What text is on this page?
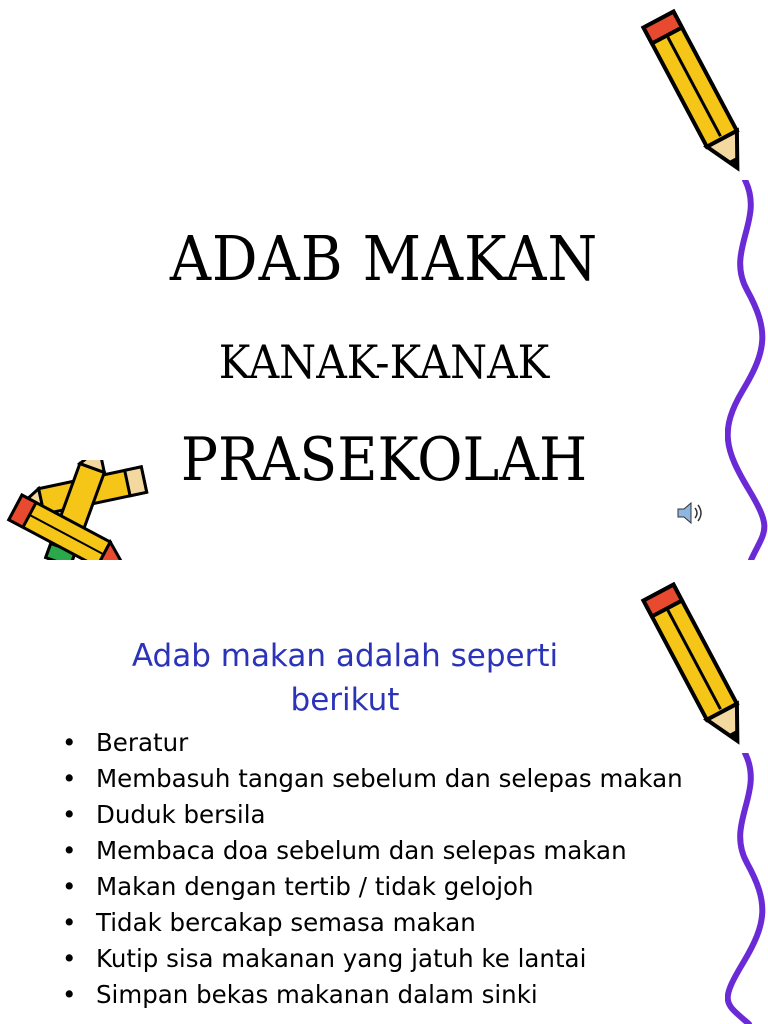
ADAB MAKAN
KANAK-KANAK
PRASEKOLAH
Adab makan adalah seperti berikut
• Beratur
• Membasuh tangan sebelum dan selepas makan
• Duduk bersila
• Membaca doa sebelum dan selepas makan
• Makan dengan tertib / tidak gelojoh
• Tidak bercakap semasa makan
• Kutip sisa makanan yang jatuh ke lantai
• Simpan bekas makanan dalam sinki
